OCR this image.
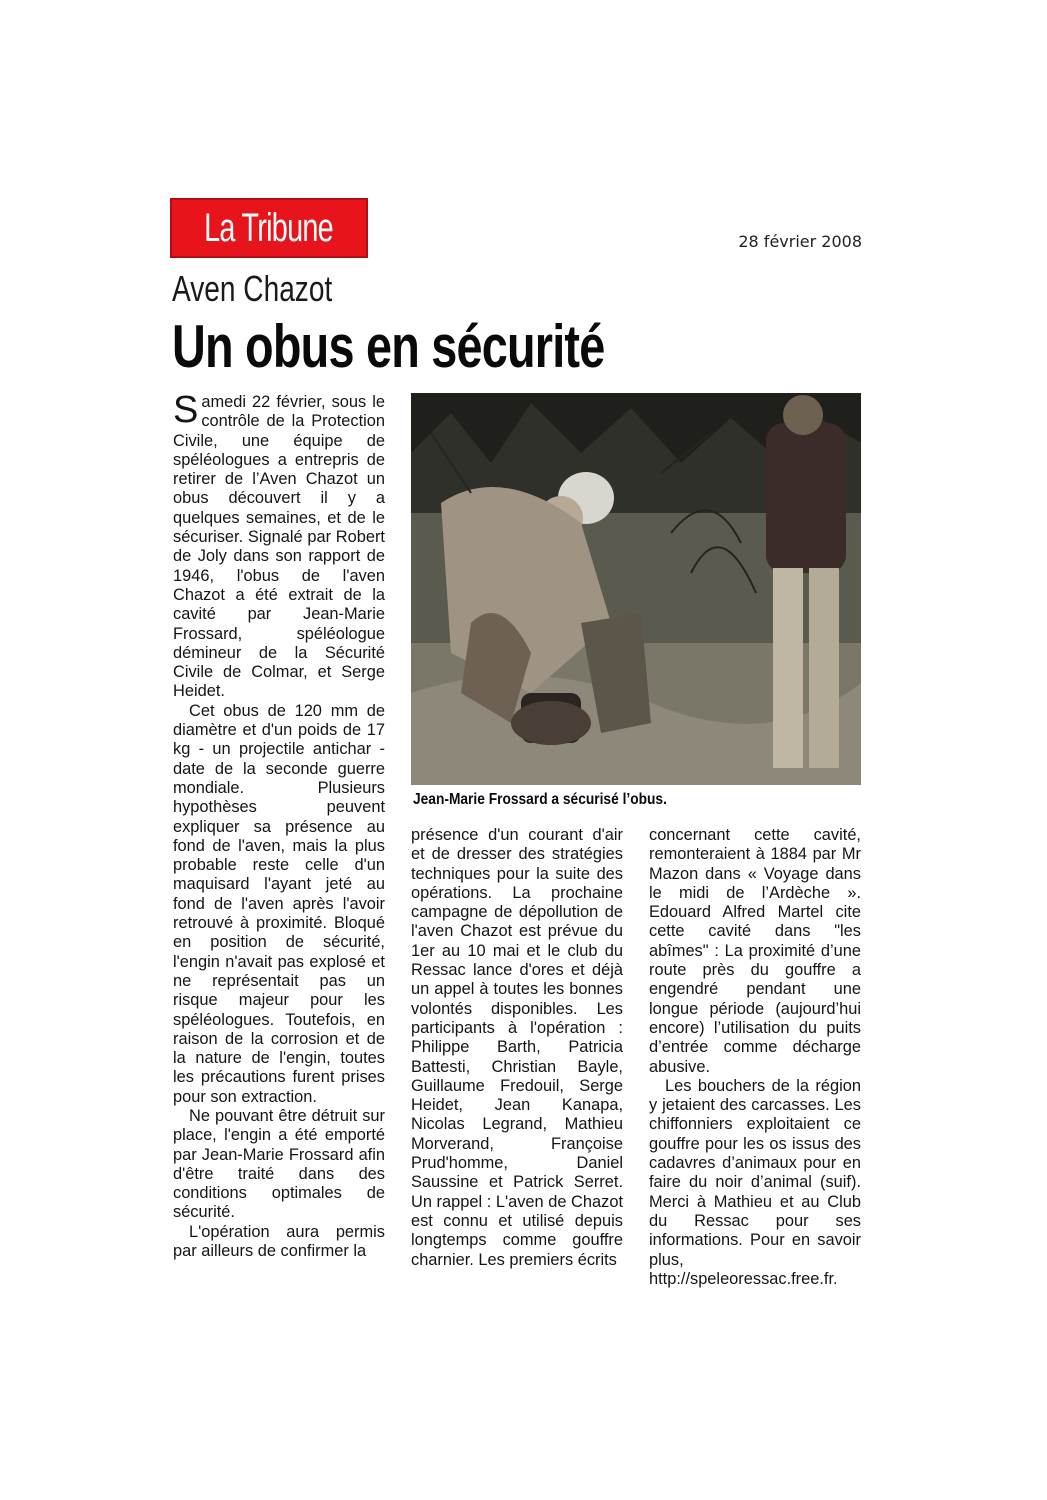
La Tribune	28 février 2008
Aven Chazot
Un obus en sécurité

Samedi 22 février, sous le contrôle de la Protection Civile, une équipe de spéléologues a entrepris de retirer de l’Aven Chazot un obus découvert il y a quelques semaines, et de le sécuriser. Signalé par Robert de Joly dans son rapport de 1946, l'obus de l'aven Chazot a été extrait de la cavité par Jean-Marie Frossard, spéléologue démineur de la Sécurité Civile de Colmar, et Serge Heidet.

Cet obus de 120 mm de diamètre et d'un poids de 17 kg - un projectile antichar - date de la seconde guerre mondiale. Plusieurs hypothèses peuvent expliquer sa présence au fond de l'aven, mais la plus probable reste celle d'un maquisard l'ayant jeté au fond de l'aven après l'avoir retrouvé à proximité. Bloqué en position de sécurité, l'engin n'avait pas explosé et ne représentait pas un risque majeur pour les spéléologues. Toutefois, en raison de la corrosion et de la nature de l'engin, toutes les précautions furent prises pour son extraction.

Ne pouvant être détruit sur place, l'engin a été emporté par Jean-Marie Frossard afin d'être traité dans des conditions optimales de sécurité.

L'opération aura permis par ailleurs de confirmer la

Jean-Marie Frossard a sécurisé l’obus.

présence d'un courant d'air et de dresser des stratégies techniques pour la suite des opérations. La prochaine campagne de dépollution de l'aven Chazot est prévue du 1er au 10 mai et le club du Ressac lance d'ores et déjà un appel à toutes les bonnes volontés disponibles. Les participants à l'opération : Philippe Barth, Patricia Battesti, Christian Bayle, Guillaume Fredouil, Serge Heidet, Jean Kanapa, Nicolas Legrand, Mathieu Morverand, Françoise Prud'homme, Daniel Saussine et Patrick Serret. Un rappel : L'aven de Chazot est connu et utilisé depuis longtemps comme gouffre charnier. Les premiers écrits

concernant cette cavité, remonteraient à 1884 par Mr Mazon dans « Voyage dans le midi de l’Ardèche ». Edouard Alfred Martel cite cette cavité dans "les abîmes" : La proximité d’une route près du gouffre a engendré pendant une longue période (aujourd’hui encore) l’utilisation du puits d’entrée comme décharge abusive.

Les bouchers de la région y jetaient des carcasses. Les chiffonniers exploitaient ce gouffre pour les os issus des cadavres d’animaux pour en faire du noir d’animal (suif). Merci à Mathieu et au Club du Ressac pour ses informations. Pour en savoir plus, http://speleoressac.free.fr.
